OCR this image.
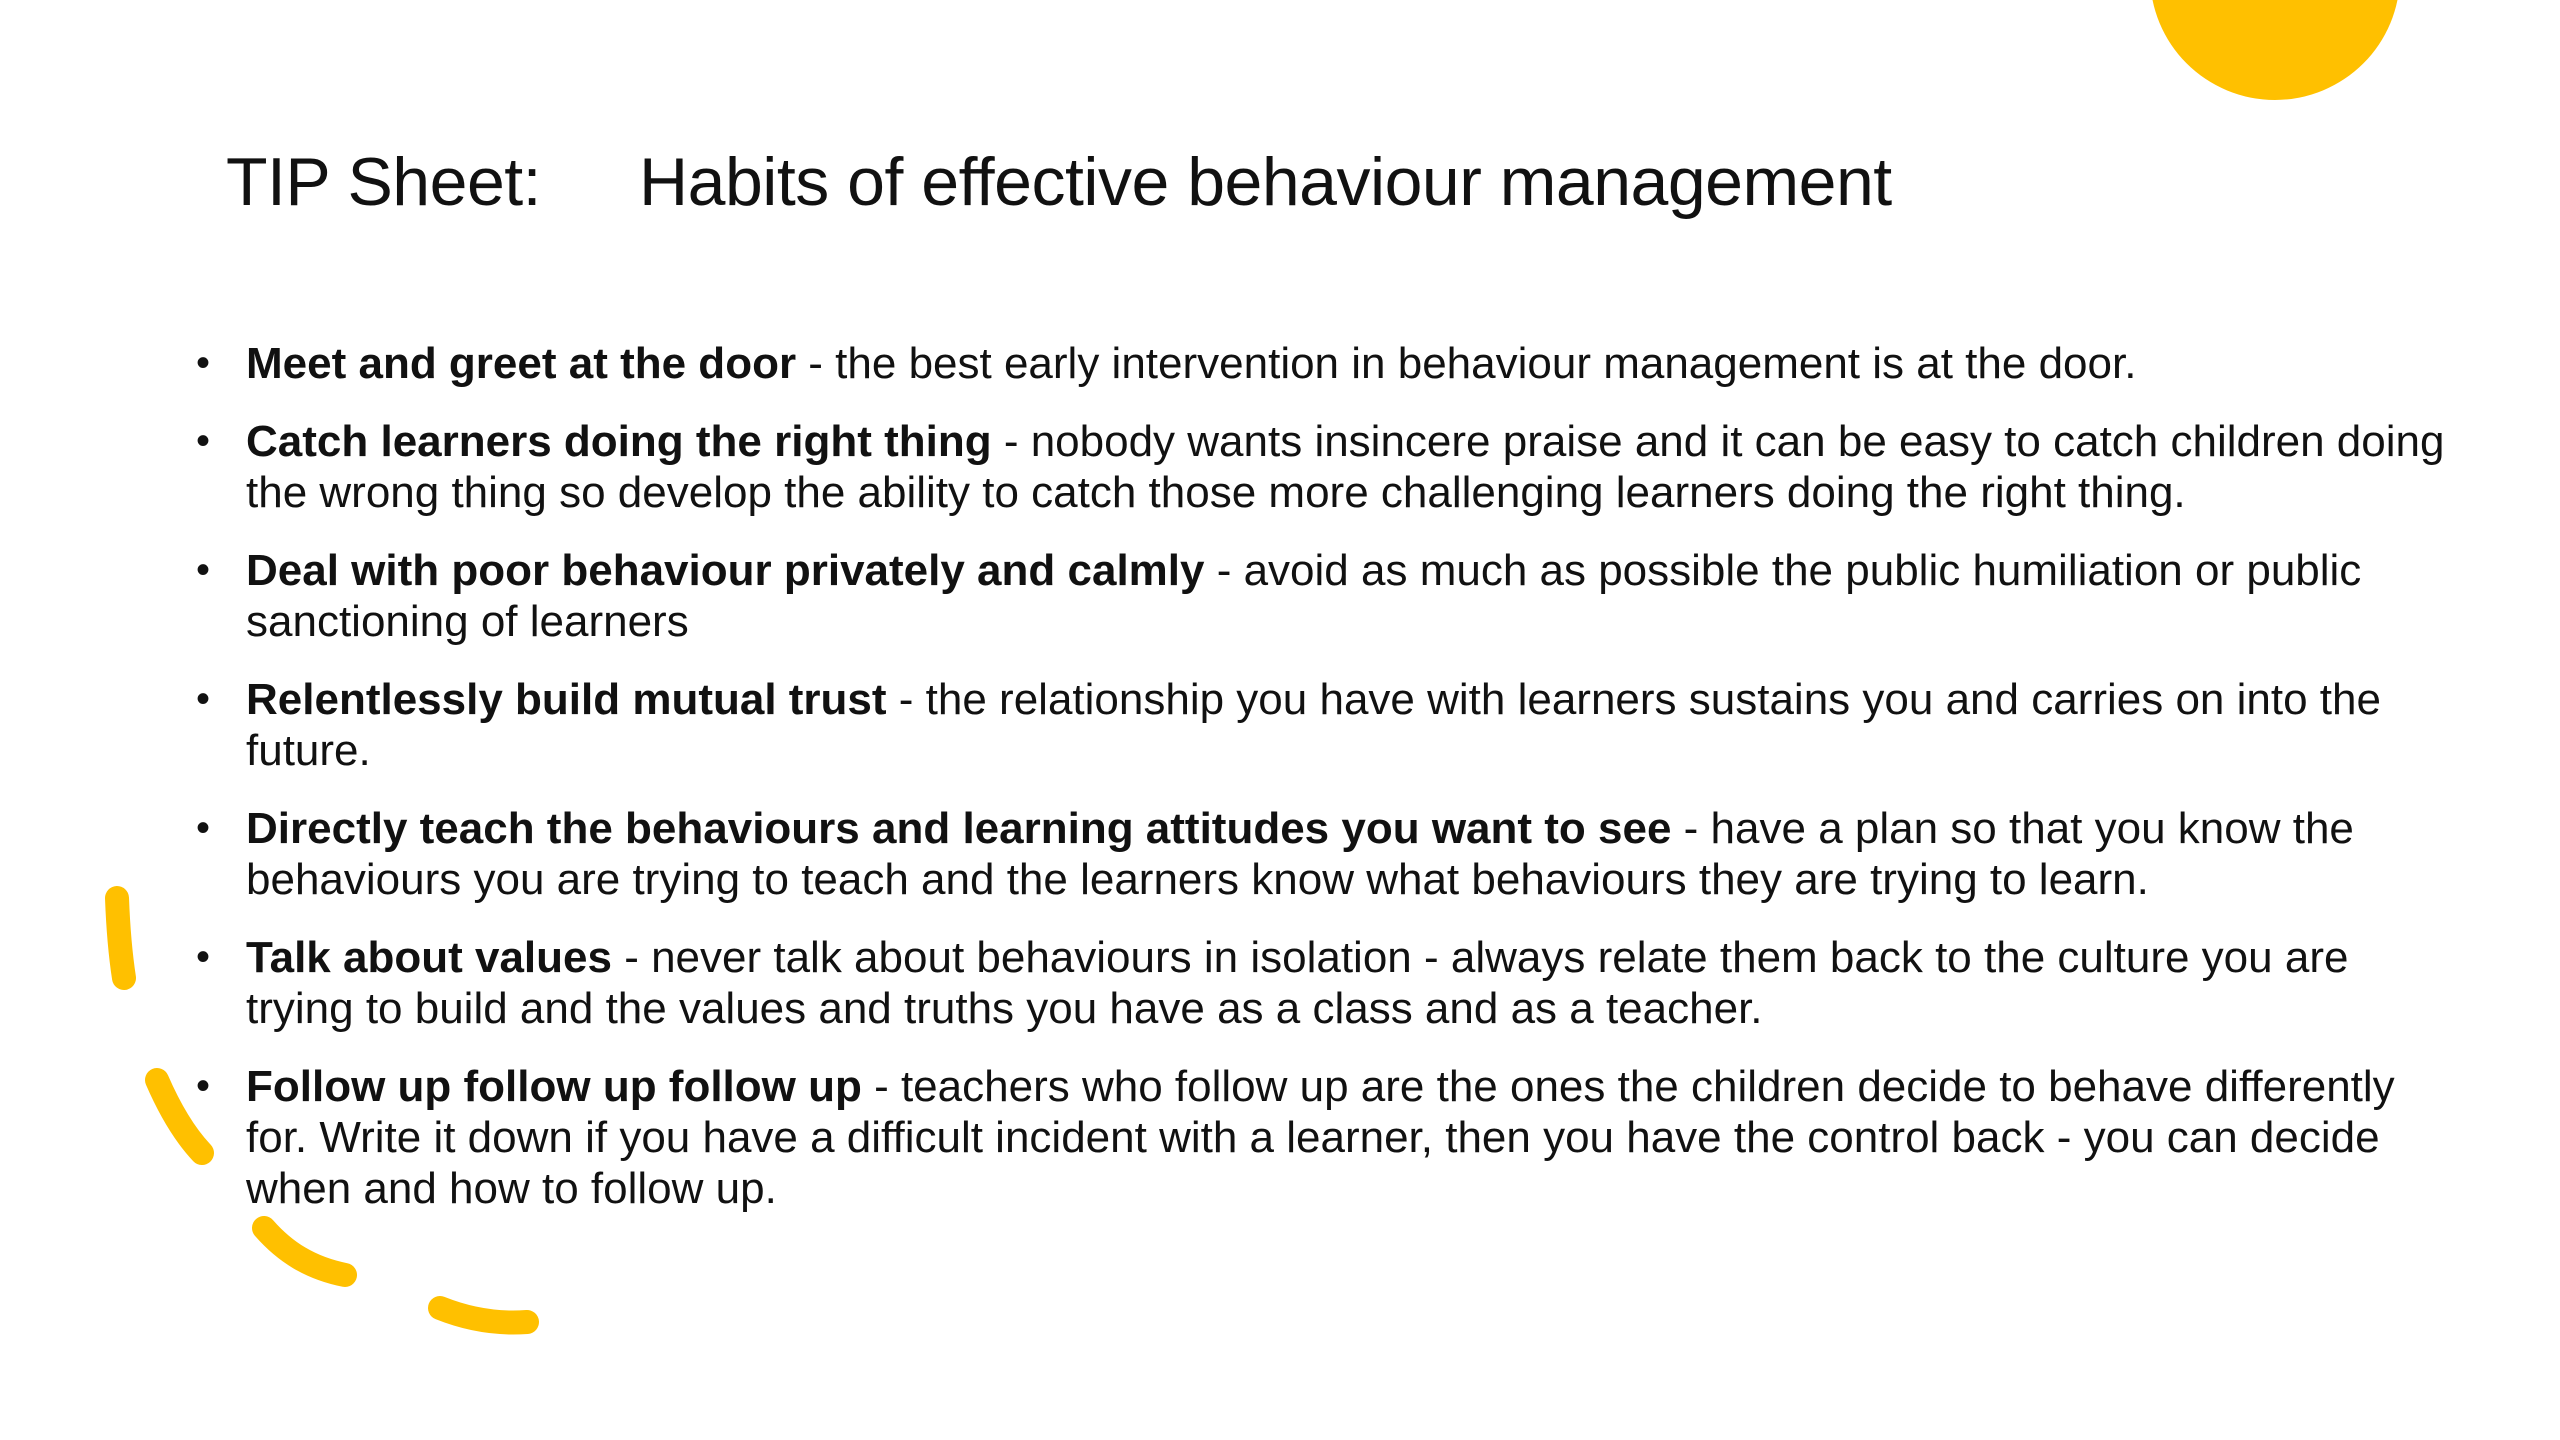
TIP Sheet: Habits of effective behaviour management
• Meet and greet at the door - the best early intervention in behaviour management is at the door.
• Catch learners doing the right thing - nobody wants insincere praise and it can be easy to catch children doing the wrong thing so develop the ability to catch those more challenging learners doing the right thing.
• Deal with poor behaviour privately and calmly - avoid as much as possible the public humiliation or public sanctioning of learners
• Relentlessly build mutual trust - the relationship you have with learners sustains you and carries on into the future.
• Directly teach the behaviours and learning attitudes you want to see - have a plan so that you know the behaviours you are trying to teach and the learners know what behaviours they are trying to learn.
• Talk about values - never talk about behaviours in isolation - always relate them back to the culture you are trying to build and the values and truths you have as a class and as a teacher.
• Follow up follow up follow up - teachers who follow up are the ones the children decide to behave differently for. Write it down if you have a difficult incident with a learner, then you have the control back - you can decide when and how to follow up.
